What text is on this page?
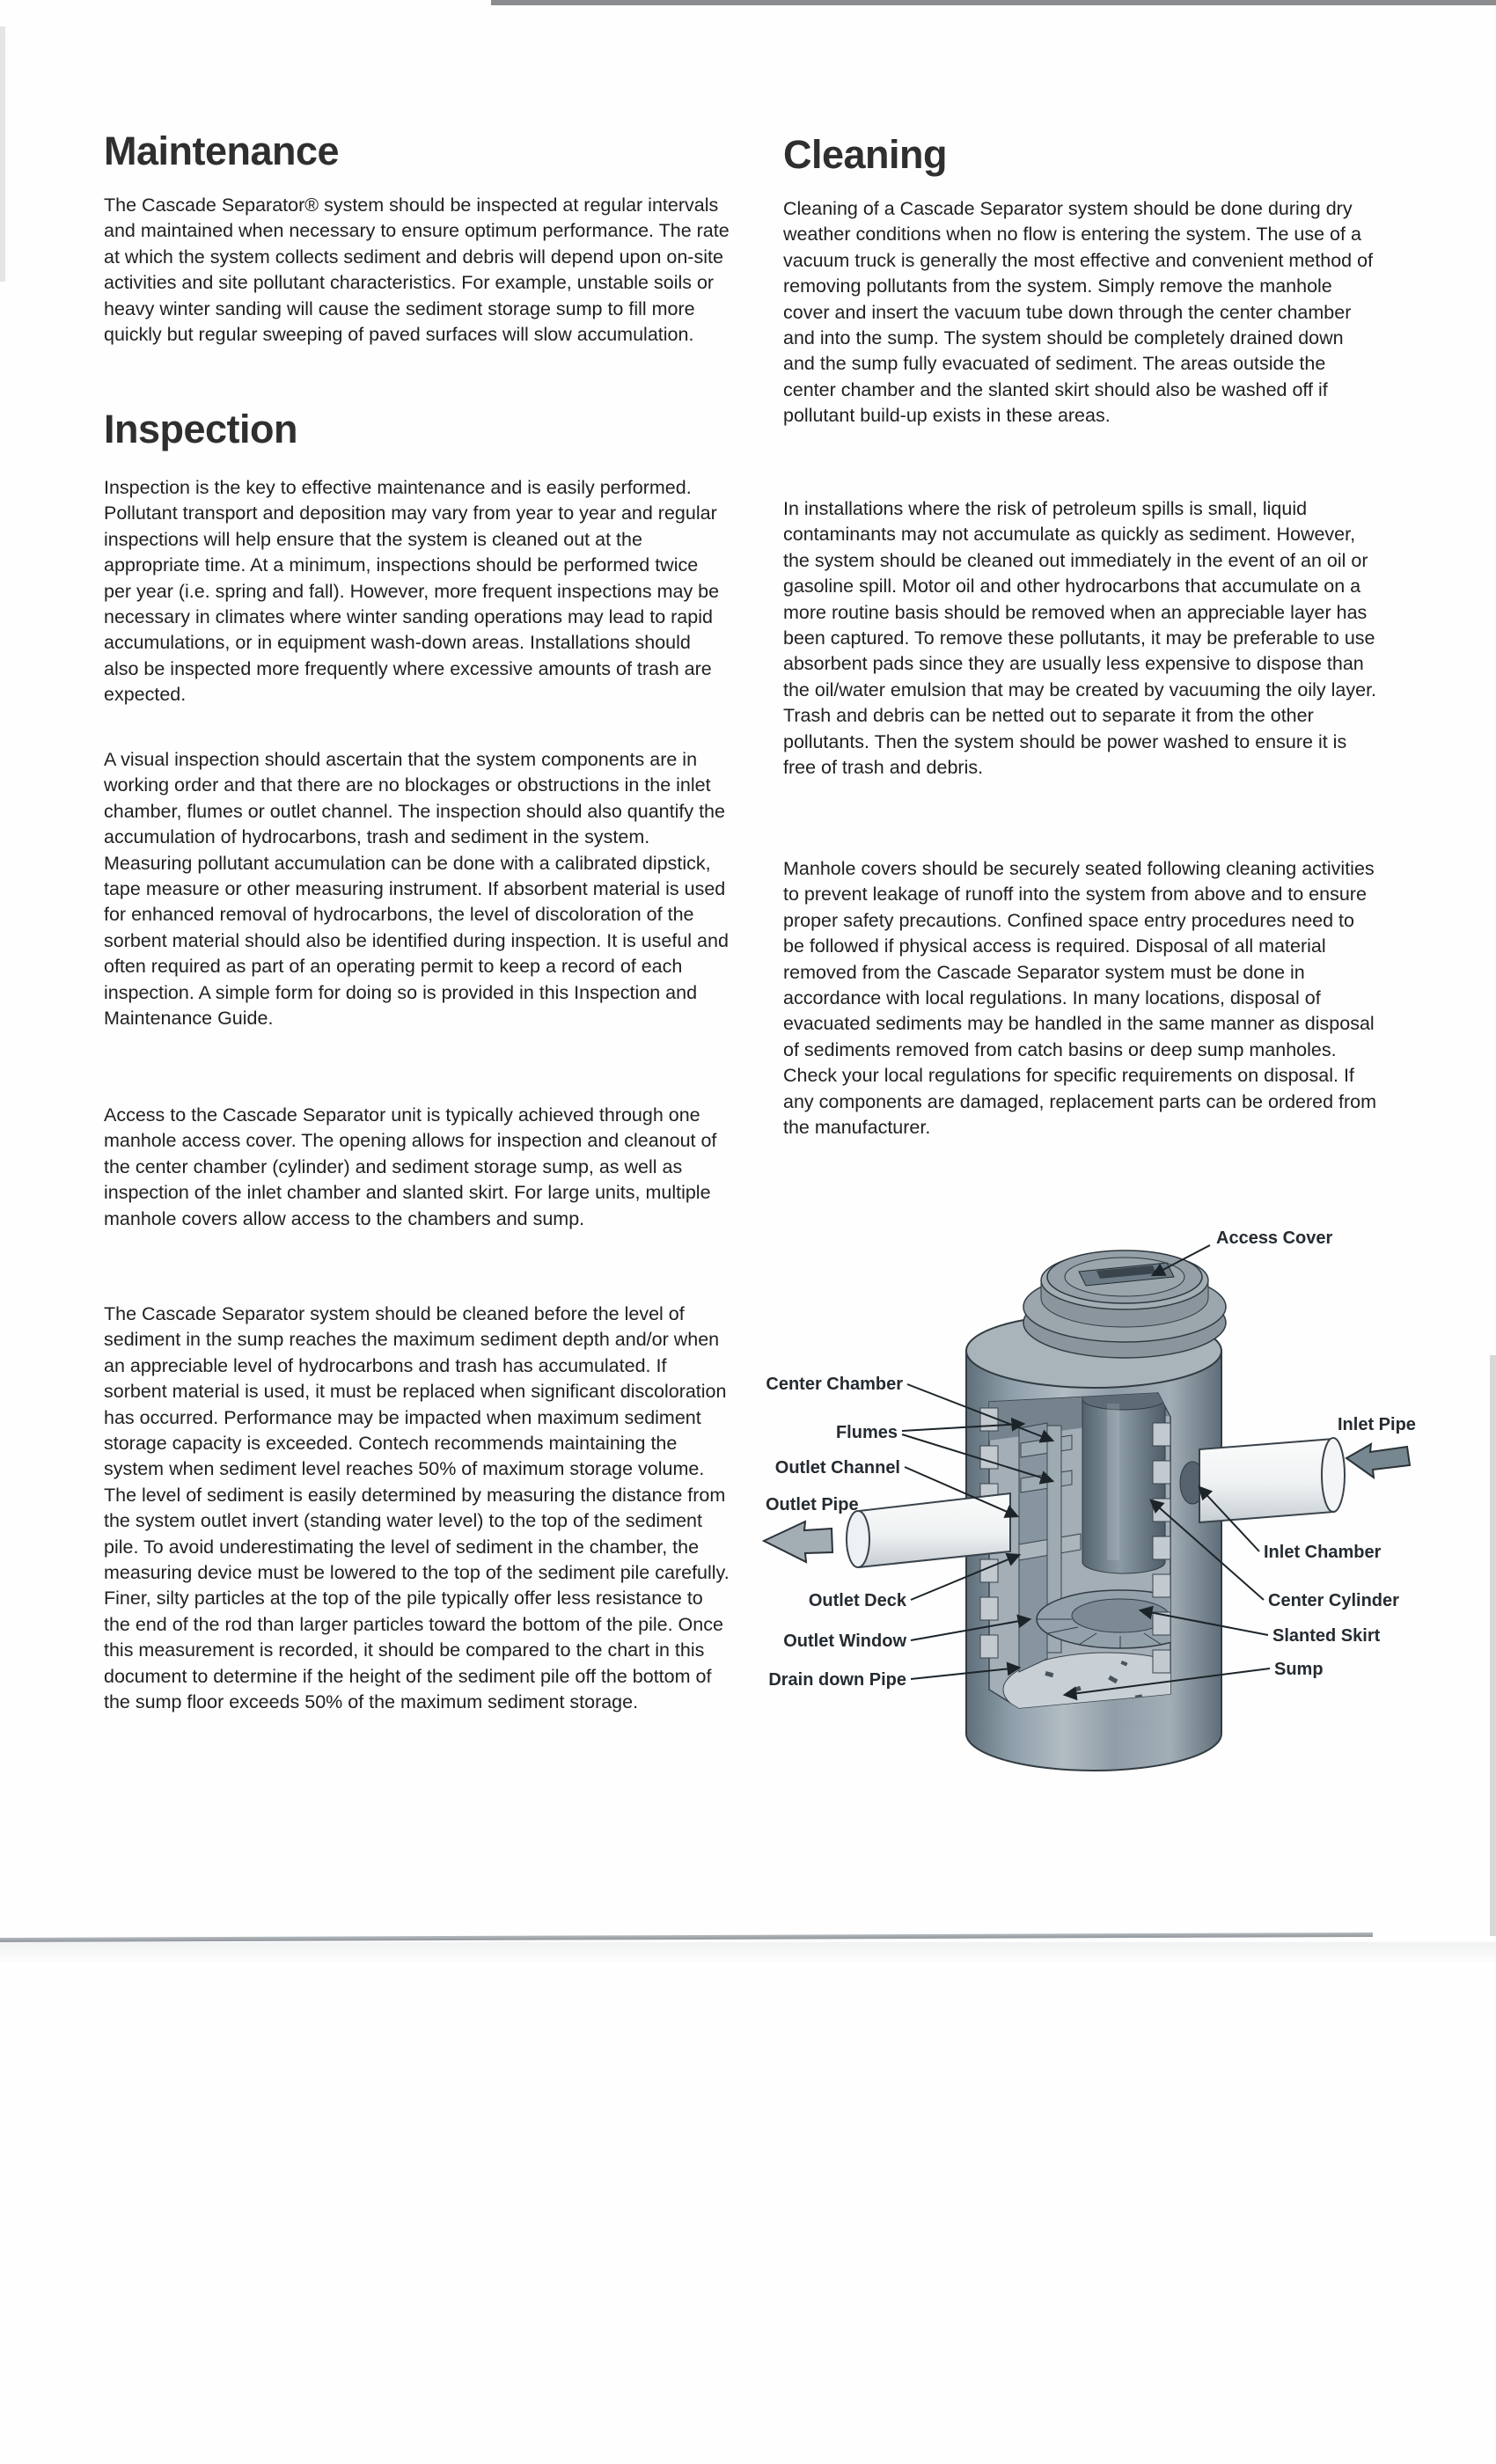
Maintenance

The Cascade Separator® system should be inspected at regular intervals and maintained when necessary to ensure optimum performance. The rate at which the system collects sediment and debris will depend upon on-site activities and site pollutant characteristics. For example, unstable soils or heavy winter sanding will cause the sediment storage sump to fill more quickly but regular sweeping of paved surfaces will slow accumulation.

Inspection

Inspection is the key to effective maintenance and is easily performed. Pollutant transport and deposition may vary from year to year and regular inspections will help ensure that the system is cleaned out at the appropriate time. At a minimum, inspections should be performed twice per year (i.e. spring and fall). However, more frequent inspections may be necessary in climates where winter sanding operations may lead to rapid accumulations, or in equipment wash-down areas. Installations should also be inspected more frequently where excessive amounts of trash are expected.

A visual inspection should ascertain that the system components are in working order and that there are no blockages or obstructions in the inlet chamber, flumes or outlet channel. The inspection should also quantify the accumulation of hydrocarbons, trash and sediment in the system. Measuring pollutant accumulation can be done with a calibrated dipstick, tape measure or other measuring instrument. If absorbent material is used for enhanced removal of hydrocarbons, the level of discoloration of the sorbent material should also be identified during inspection. It is useful and often required as part of an operating permit to keep a record of each inspection. A simple form for doing so is provided in this Inspection and Maintenance Guide.

Access to the Cascade Separator unit is typically achieved through one manhole access cover. The opening allows for inspection and cleanout of the center chamber (cylinder) and sediment storage sump, as well as inspection of the inlet chamber and slanted skirt. For large units, multiple manhole covers allow access to the chambers and sump.

The Cascade Separator system should be cleaned before the level of sediment in the sump reaches the maximum sediment depth and/or when an appreciable level of hydrocarbons and trash has accumulated. If sorbent material is used, it must be replaced when significant discoloration has occurred. Performance may be impacted when maximum sediment storage capacity is exceeded. Contech recommends maintaining the system when sediment level reaches 50% of maximum storage volume. The level of sediment is easily determined by measuring the distance from the system outlet invert (standing water level) to the top of the sediment pile. To avoid underestimating the level of sediment in the chamber, the measuring device must be lowered to the top of the sediment pile carefully. Finer, silty particles at the top of the pile typically offer less resistance to the end of the rod than larger particles toward the bottom of the pile. Once this measurement is recorded, it should be compared to the chart in this document to determine if the height of the sediment pile off the bottom of the sump floor exceeds 50% of the maximum sediment storage.

Cleaning

Cleaning of a Cascade Separator system should be done during dry weather conditions when no flow is entering the system. The use of a vacuum truck is generally the most effective and convenient method of removing pollutants from the system. Simply remove the manhole cover and insert the vacuum tube down through the center chamber and into the sump. The system should be completely drained down and the sump fully evacuated of sediment. The areas outside the center chamber and the slanted skirt should also be washed off if pollutant build-up exists in these areas.

In installations where the risk of petroleum spills is small, liquid contaminants may not accumulate as quickly as sediment. However, the system should be cleaned out immediately in the event of an oil or gasoline spill. Motor oil and other hydrocarbons that accumulate on a more routine basis should be removed when an appreciable layer has been captured. To remove these pollutants, it may be preferable to use absorbent pads since they are usually less expensive to dispose than the oil/water emulsion that may be created by vacuuming the oily layer. Trash and debris can be netted out to separate it from the other pollutants. Then the system should be power washed to ensure it is free of trash and debris.

Manhole covers should be securely seated following cleaning activities to prevent leakage of runoff into the system from above and to ensure proper safety precautions. Confined space entry procedures need to be followed if physical access is required. Disposal of all material removed from the Cascade Separator system must be done in accordance with local regulations. In many locations, disposal of evacuated sediments may be handled in the same manner as disposal of sediments removed from catch basins or deep sump manholes. Check your local regulations for specific requirements on disposal. If any components are damaged, replacement parts can be ordered from the manufacturer.

Access Cover
Center Chamber
Flumes
Outlet Channel
Outlet Pipe
Outlet Deck
Outlet Window
Drain down Pipe
Inlet Pipe
Inlet Chamber
Center Cylinder
Slanted Skirt
Sump
